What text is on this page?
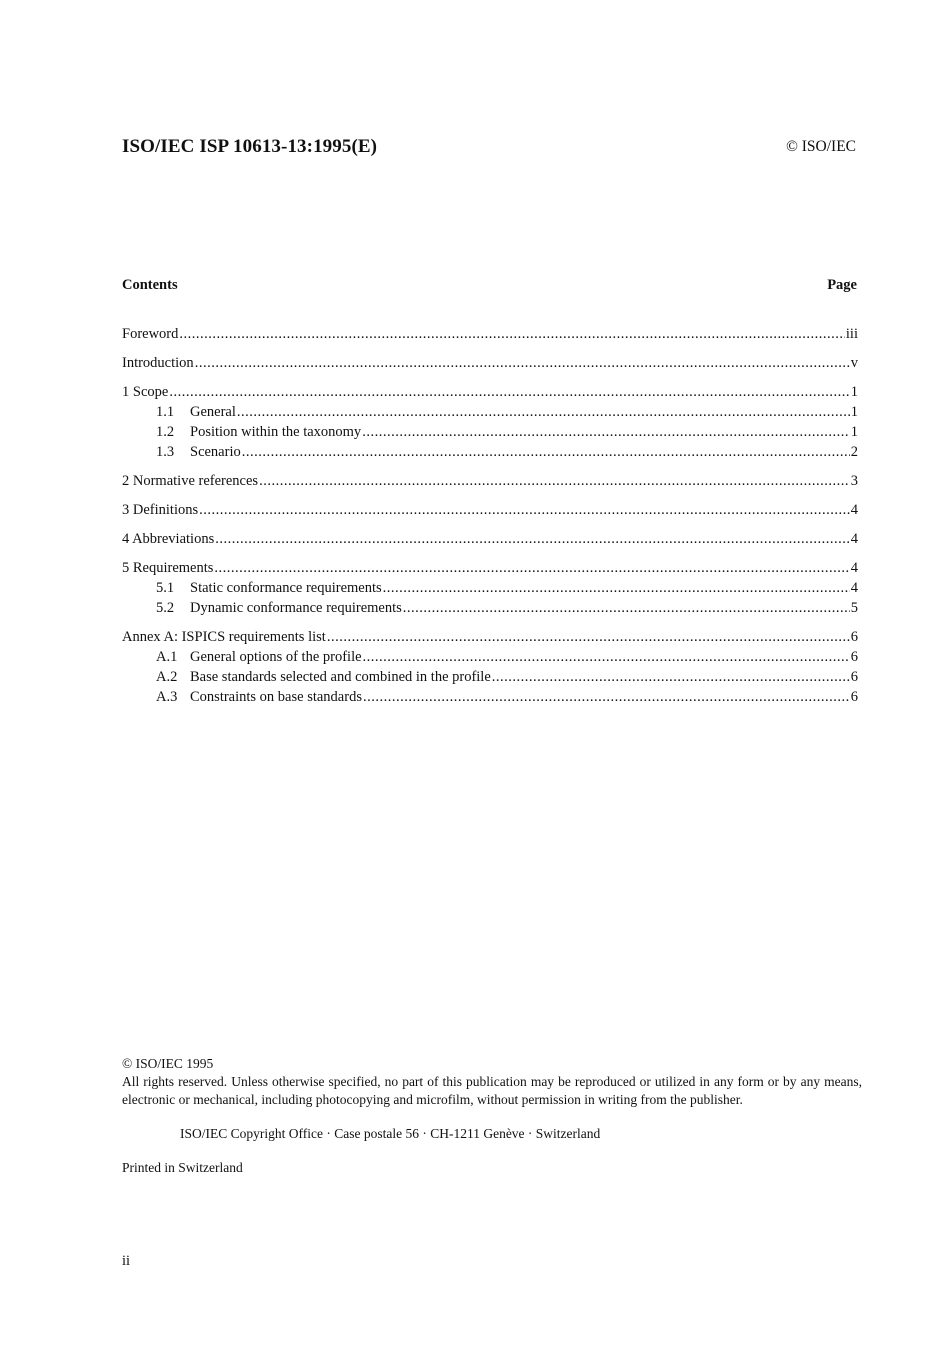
ISO/IEC ISP 10613-13:1995(E)	© ISO/IEC
Contents	Page
Foreword .....	iii
Introduction .....	v
1 Scope .....	1
1.1	General .....	1
1.2	Position within the taxonomy .....	1
1.3	Scenario .....	2
2 Normative references .....	3
3 Definitions .....	4
4 Abbreviations .....	4
5 Requirements .....	4
5.1	Static conformance requirements .....	4
5.2	Dynamic conformance requirements .....	5
Annex A: ISPICS requirements list .....	6
A.1 General options of the profile .....	6
A.2 Base standards selected and combined in the profile .....	6
A.3 Constraints on base standards .....	6

© ISO/IEC 1995

All rights reserved. Unless otherwise specified, no part of this publication may be reproduced or utilized in any form or by any means, electronic or mechanical, including photocopying and microfilm, without permission in writing from the publisher.

ISO/IEC Copyright Office · Case postale 56 · CH-1211 Genève · Switzerland

Printed in Switzerland

ii
